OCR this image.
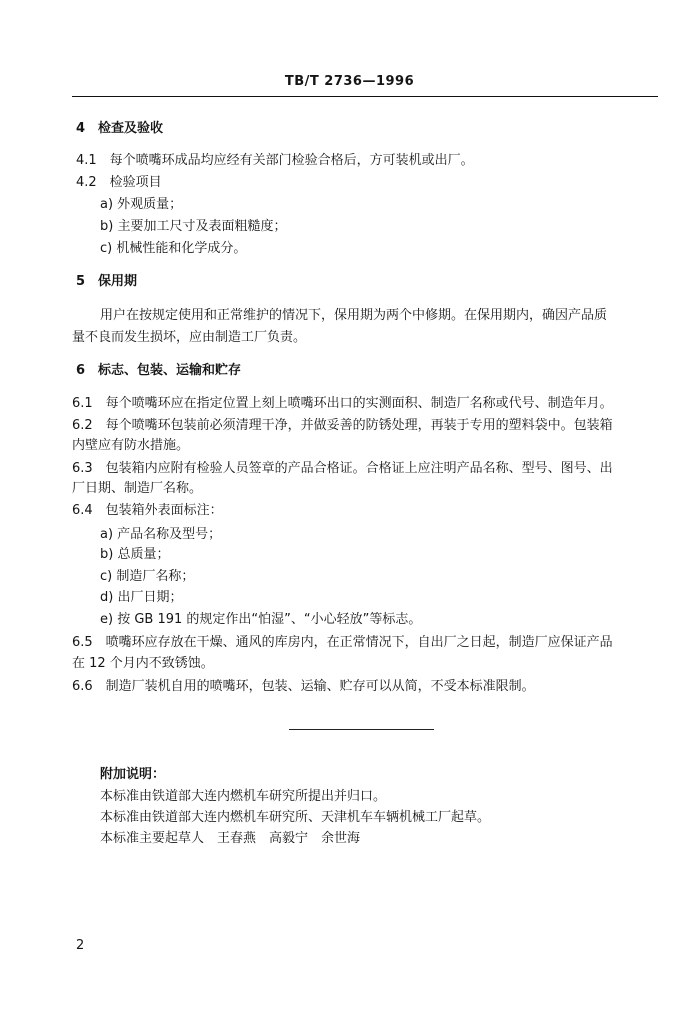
TB/T 2736—1996
4　检查及验收
4.1　每个喷嘴环成品均应经有关部门检验合格后，方可装机或出厂。
4.2　检验项目
a) 外观质量；
b) 主要加工尺寸及表面粗糙度；
c) 机械性能和化学成分。
5　保用期
用户在按规定使用和正常维护的情况下，保用期为两个中修期。在保用期内，确因产品质
量不良而发生损坏，应由制造工厂负责。
6　标志、包装、运输和贮存
6.1　每个喷嘴环应在指定位置上刻上喷嘴环出口的实测面积、制造厂名称或代号、制造年月。
6.2　每个喷嘴环包装前必须清理干净，并做妥善的防锈处理，再装于专用的塑料袋中。包装箱
内壁应有防水措施。
6.3　包装箱内应附有检验人员签章的产品合格证。合格证上应注明产品名称、型号、图号、出
厂日期、制造厂名称。
6.4　包装箱外表面标注：
a) 产品名称及型号；
b) 总质量；
c) 制造厂名称；
d) 出厂日期；
e) 按 GB 191 的规定作出“怕湿”、“小心轻放”等标志。
6.5　喷嘴环应存放在干燥、通风的库房内，在正常情况下，自出厂之日起，制造厂应保证产品
在 12 个月内不致锈蚀。
6.6　制造厂装机自用的喷嘴环，包装、运输、贮存可以从简，不受本标准限制。
附加说明：
本标准由铁道部大连内燃机车研究所提出并归口。
本标准由铁道部大连内燃机车研究所、天津机车车辆机械工厂起草。
本标准主要起草人　王春燕　高毅宁　余世海
2
